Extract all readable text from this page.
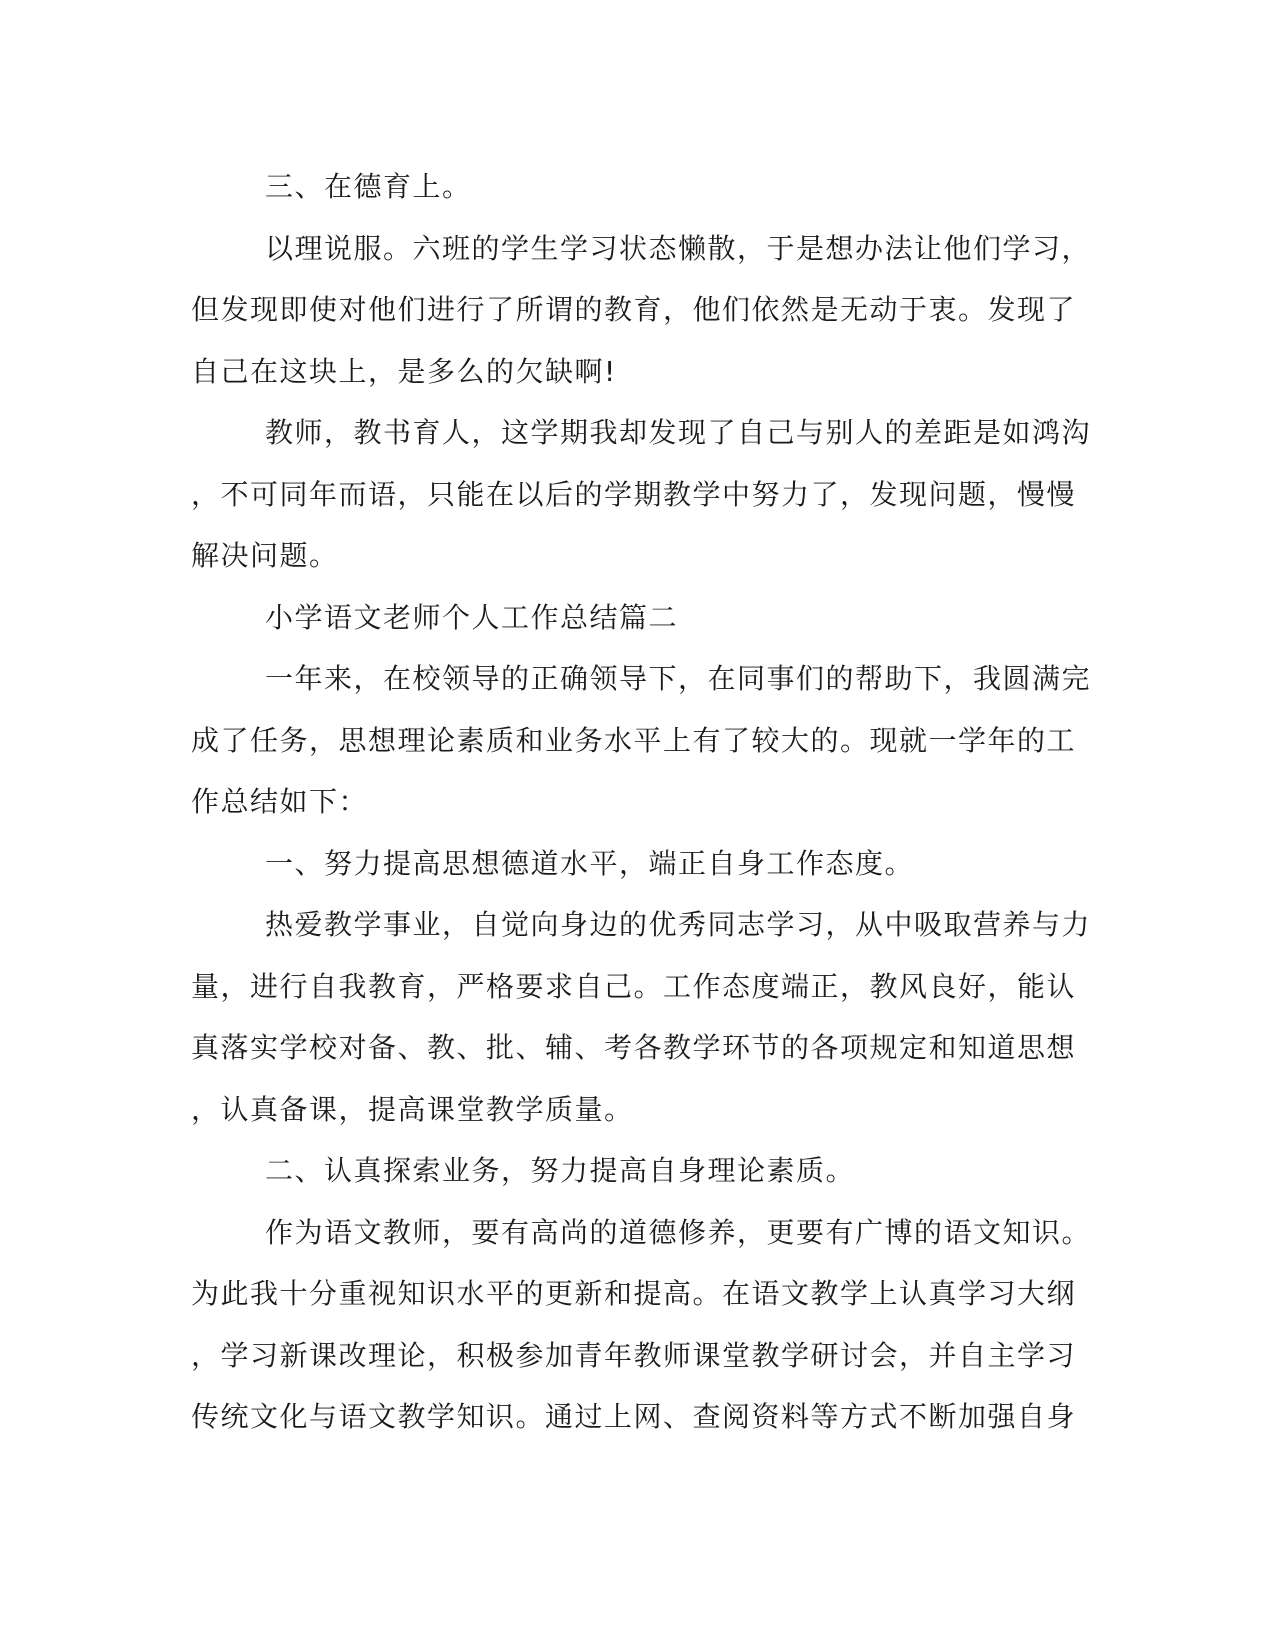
三、在德育上。
以理说服。六班的学生学习状态懒散，于是想办法让他们学习，
但发现即使对他们进行了所谓的教育，他们依然是无动于衷。发现了
自己在这块上，是多么的欠缺啊!
教师，教书育人，这学期我却发现了自己与别人的差距是如鸿沟
，不可同年而语，只能在以后的学期教学中努力了，发现问题，慢慢
解决问题。
小学语文老师个人工作总结篇二
一年来，在校领导的正确领导下，在同事们的帮助下，我圆满完
成了任务，思想理论素质和业务水平上有了较大的。现就一学年的工
作总结如下：
一、努力提高思想德道水平，端正自身工作态度。
热爱教学事业，自觉向身边的优秀同志学习，从中吸取营养与力
量，进行自我教育，严格要求自己。工作态度端正，教风良好，能认
真落实学校对备、教、批、辅、考各教学环节的各项规定和知道思想
，认真备课，提高课堂教学质量。
二、认真探索业务，努力提高自身理论素质。
作为语文教师，要有高尚的道德修养，更要有广博的语文知识。
为此我十分重视知识水平的更新和提高。在语文教学上认真学习大纲
，学习新课改理论，积极参加青年教师课堂教学研讨会，并自主学习
传统文化与语文教学知识。通过上网、查阅资料等方式不断加强自身
